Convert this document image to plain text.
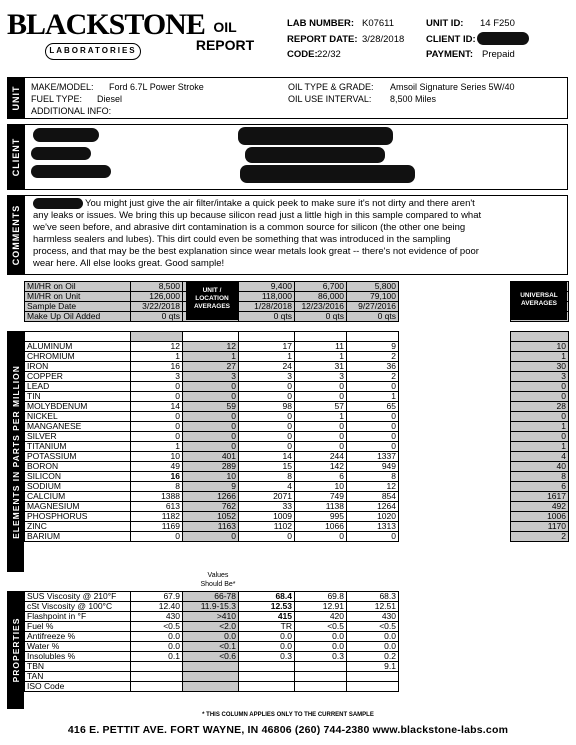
BLACKSTONE
LABORATORIES
OIL
REPORT
LAB NUMBER: K07611
REPORT DATE: 3/28/2018
CODE: 22/32
UNIT ID: 14 F250
CLIENT ID:
PAYMENT: Prepaid
UNIT MAKE/MODEL: Ford 6.7L Power Stroke
FUEL TYPE: Diesel
ADDITIONAL INFO:
OIL TYPE & GRADE: Amsoil Signature Series 5W/40
OIL USE INTERVAL: 8,500 Miles
CLIENT
COMMENTS
You might just give the air filter/intake a quick peek to make sure it's not dirty and there aren't
any leaks or issues. We bring this up because silicon read just a little high in this sample compared to what
we've seen before, and abrasive dirt contamination is a common source for silicon (the other one being
harmless sealers and lubes). This dirt could even be something that was introduced in the sampling
process, and that may be the best explanation since wear metals look great -- there's not evidence of poor
wear here. All else looks great. Good sample!
MI/HR on Oil	8,500		9,400	6,700	5,800		
MI/HR on Unit	126,000		118,000	86,000	79,100		
Sample Date	3/22/2018		1/28/2018	12/23/2016	9/27/2016		
Make Up Oil Added	0 qts		0 qts	0 qts	0 qts		
UNIT /
LOCATION
AVERAGES
UNIVERSAL
AVERAGES
ELEMENTS IN PARTS PER MILLION

ALUMINUM	12	12	17	11	9		10
CHROMIUM	1	1	1	1	2		1
IRON	16	27	24	31	36		30
COPPER	3	3	3	3	2		3
LEAD	0	0	0	0	0		0
TIN	0	0	0	0	1		0
MOLYBDENUM	14	59	98	57	65		28
NICKEL	0	0	0	1	0		0
MANGANESE	0	0	0	0	0		1
SILVER	0	0	0	0	0		0
TITANIUM	1	0	0	0	0		1
POTASSIUM	10	401	14	244	1337		4
BORON	49	289	15	142	949		40
SILICON	16	10	8	6	8		8
SODIUM	8	9	4	10	12		6
CALCIUM	1388	1266	2071	749	854		1617
MAGNESIUM	613	762	33	1138	1264		492
PHOSPHORUS	1182	1052	1009	995	1020		1006
ZINC	1169	1163	1102	1066	1313		1170
BARIUM	0	0	0	0	0		2
Values
Should Be*
PROPERTIES
SUS Viscosity @ 210°F	67.9	66-78	68.4	69.8	68.3		
cSt Viscosity @ 100°C	12.40	11.9-15.3	12.53	12.91	12.51		
Flashpoint in °F	430	>410	415	420	430		
Fuel %	<0.5	<2.0	TR	<0.5	<0.5		
Antifreeze %	0.0	0.0	0.0	0.0	0.0		
Water %	0.0	<0.1	0.0	0.0	0.0		
Insolubles %	0.1	<0.6	0.3	0.3	0.2		
TBN					9.1		
TAN							
ISO Code							
* THIS COLUMN APPLIES ONLY TO THE CURRENT SAMPLE
416 E. PETTIT AVE. FORT WAYNE, IN 46806 (260) 744-2380 www.blackstone-labs.com
